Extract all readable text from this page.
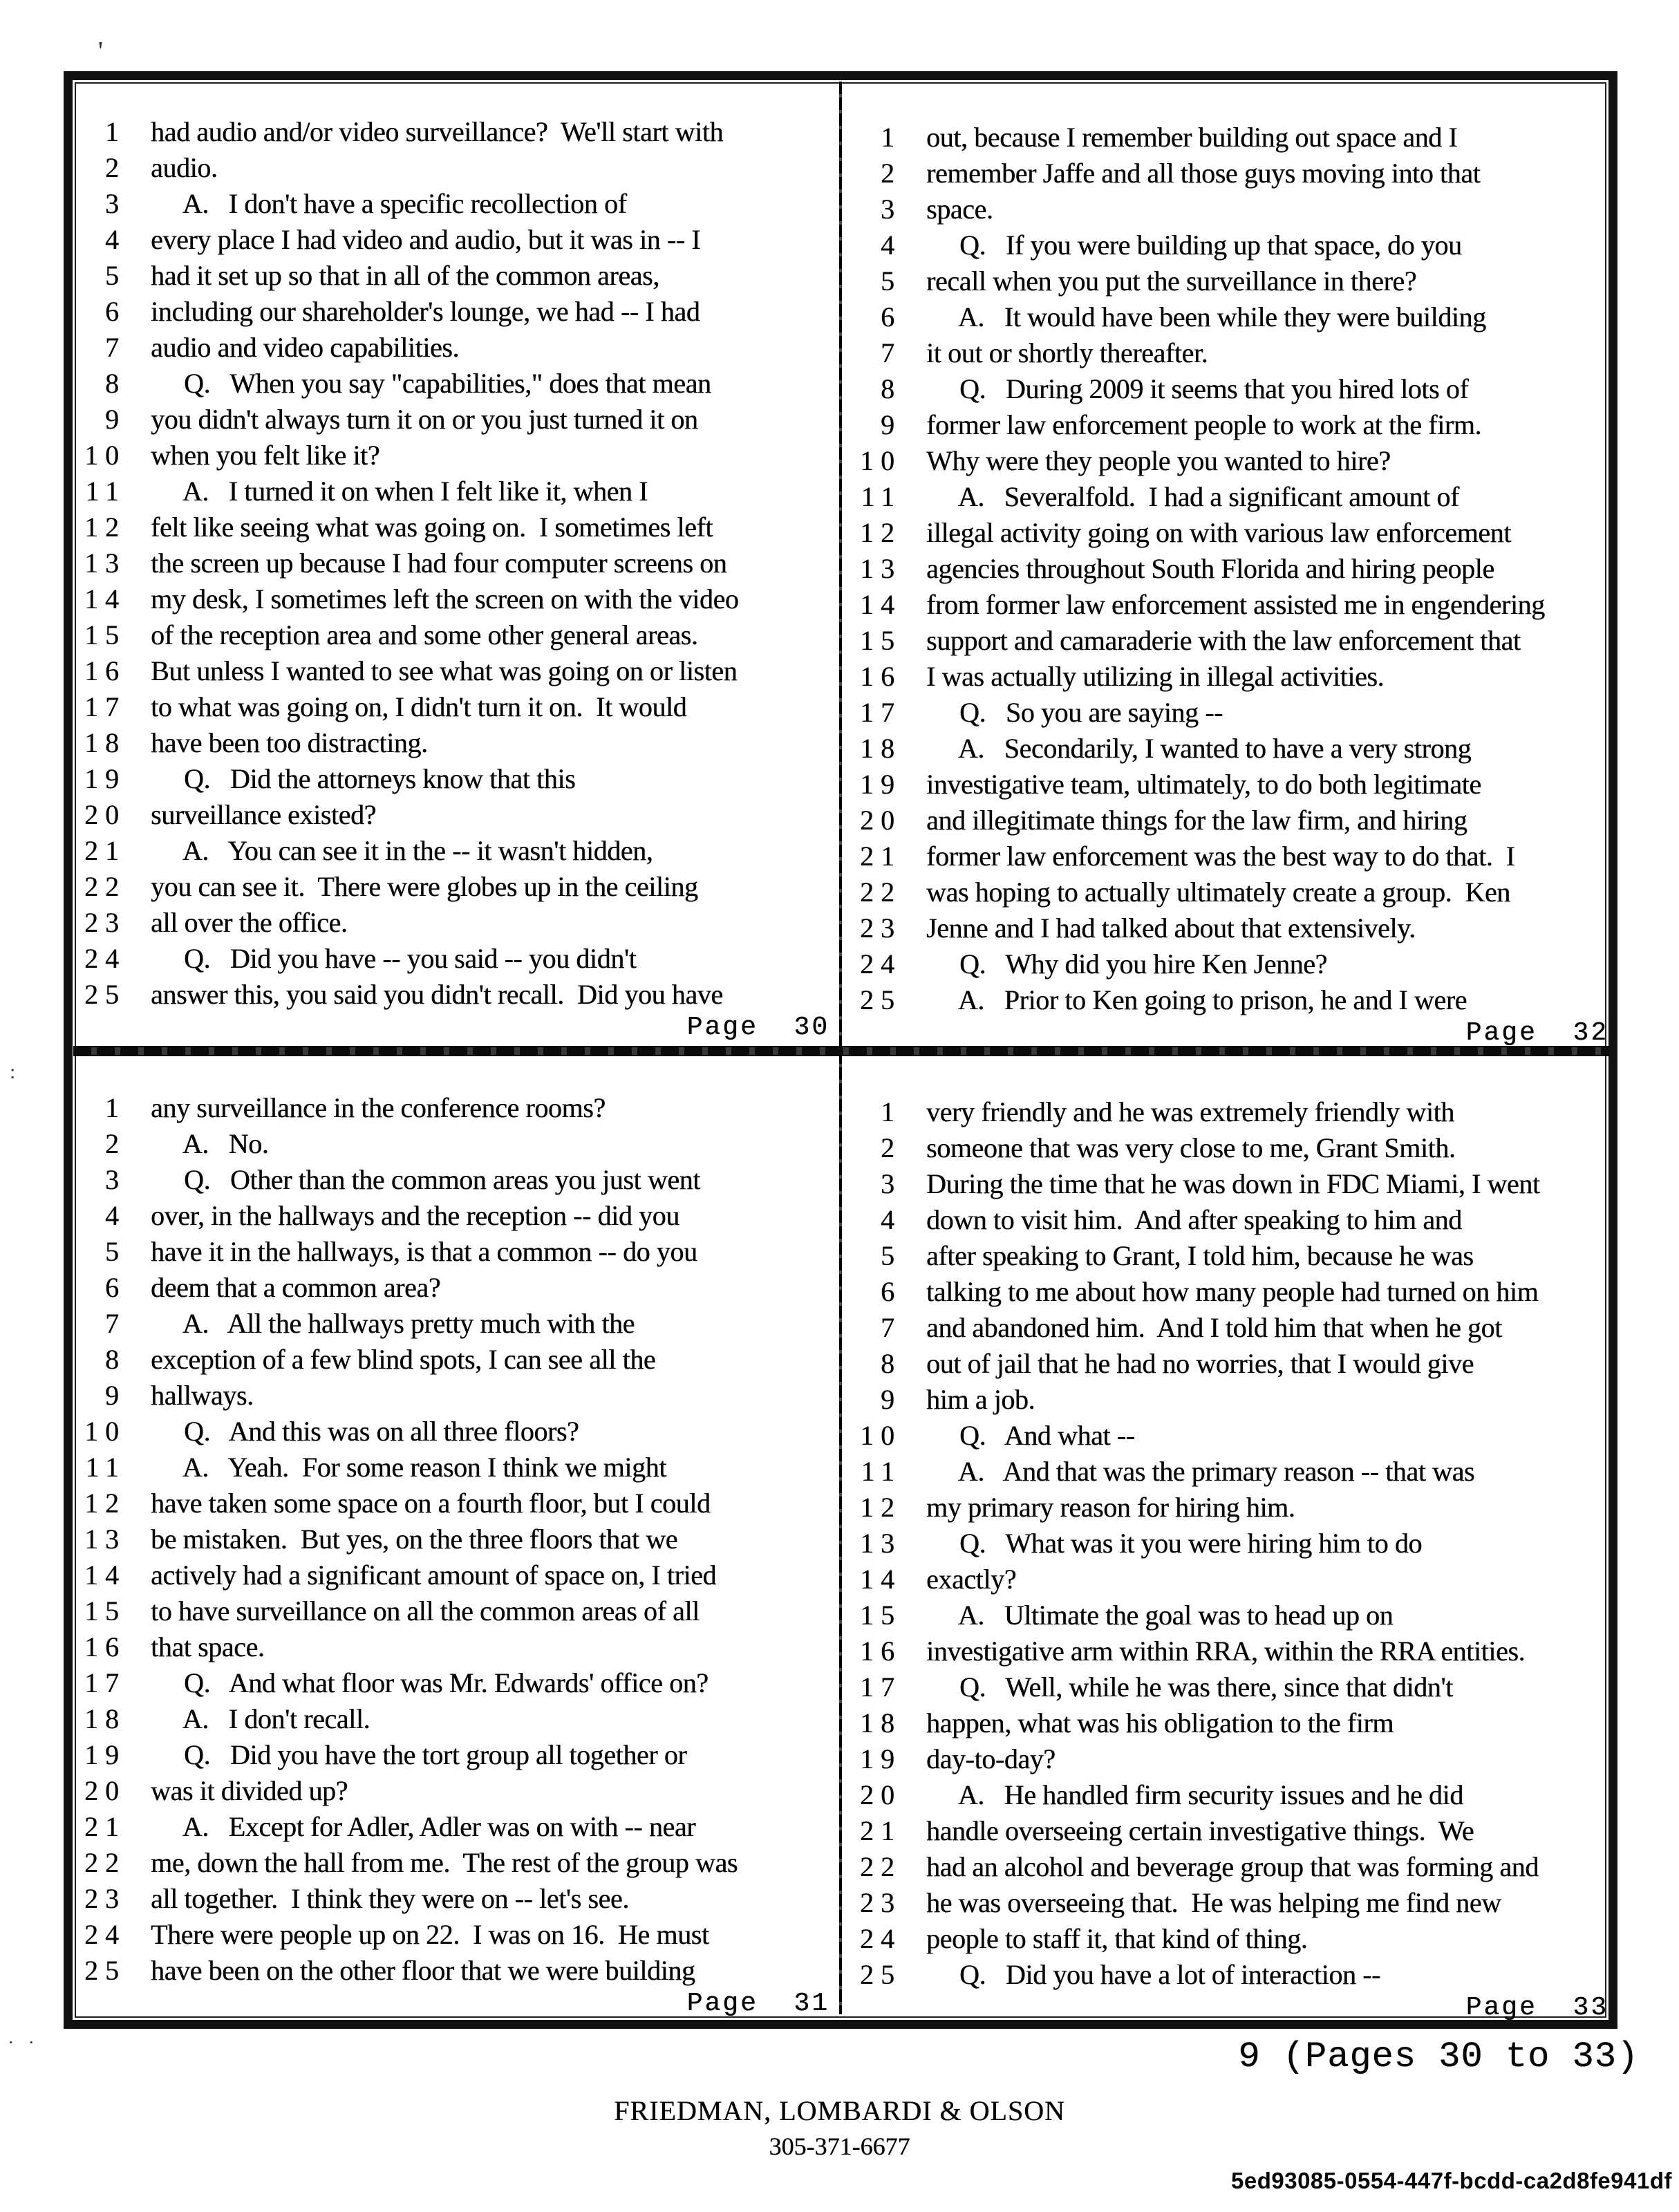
'
:
..
1 had audio and/or video surveillance?  We'll start with
2 audio.
3 A.   I don't have a specific recollection of
4 every place I had video and audio, but it was in -- I
5 had it set up so that in all of the common areas,
6 including our shareholder's lounge, we had -- I had
7 audio and video capabilities.
8 Q.   When you say "capabilities," does that mean
9 you didn't always turn it on or you just turned it on
10 when you felt like it?
11 A.   I turned it on when I felt like it, when I
12 felt like seeing what was going on.  I sometimes left
13 the screen up because I had four computer screens on
14 my desk, I sometimes left the screen on with the video
15 of the reception area and some other general areas.
16 But unless I wanted to see what was going on or listen
17 to what was going on, I didn't turn it on.  It would
18 have been too distracting.
19 Q.   Did the attorneys know that this
20 surveillance existed?
21 A.   You can see it in the -- it wasn't hidden,
22 you can see it.  There were globes up in the ceiling
23 all over the office.
24 Q.   Did you have -- you said -- you didn't
25 answer this, you said you didn't recall.  Did you have
Page  30
1 out, because I remember building out space and I
2 remember Jaffe and all those guys moving into that
3 space.
4 Q.   If you were building up that space, do you
5 recall when you put the surveillance in there?
6 A.   It would have been while they were building
7 it out or shortly thereafter.
8 Q.   During 2009 it seems that you hired lots of
9 former law enforcement people to work at the firm.
10 Why were they people you wanted to hire?
11 A.   Severalfold.  I had a significant amount of
12 illegal activity going on with various law enforcement
13 agencies throughout South Florida and hiring people
14 from former law enforcement assisted me in engendering
15 support and camaraderie with the law enforcement that
16 I was actually utilizing in illegal activities.
17 Q.   So you are saying --
18 A.   Secondarily, I wanted to have a very strong
19 investigative team, ultimately, to do both legitimate
20 and illegitimate things for the law firm, and hiring
21 former law enforcement was the best way to do that.  I
22 was hoping to actually ultimately create a group.  Ken
23 Jenne and I had talked about that extensively.
24 Q.   Why did you hire Ken Jenne?
25 A.   Prior to Ken going to prison, he and I were
Page  32
1 any surveillance in the conference rooms?
2 A.   No.
3 Q.   Other than the common areas you just went
4 over, in the hallways and the reception -- did you
5 have it in the hallways, is that a common -- do you
6 deem that a common area?
7 A.   All the hallways pretty much with the
8 exception of a few blind spots, I can see all the
9 hallways.
10 Q.   And this was on all three floors?
11 A.   Yeah.  For some reason I think we might
12 have taken some space on a fourth floor, but I could
13 be mistaken.  But yes, on the three floors that we
14 actively had a significant amount of space on, I tried
15 to have surveillance on all the common areas of all
16 that space.
17 Q.   And what floor was Mr. Edwards' office on?
18 A.   I don't recall.
19 Q.   Did you have the tort group all together or
20 was it divided up?
21 A.   Except for Adler, Adler was on with -- near
22 me, down the hall from me.  The rest of the group was
23 all together.  I think they were on -- let's see.
24 There were people up on 22.  I was on 16.  He must
25 have been on the other floor that we were building
Page  31
1 very friendly and he was extremely friendly with
2 someone that was very close to me, Grant Smith.
3 During the time that he was down in FDC Miami, I went
4 down to visit him.  And after speaking to him and
5 after speaking to Grant, I told him, because he was
6 talking to me about how many people had turned on him
7 and abandoned him.  And I told him that when he got
8 out of jail that he had no worries, that I would give
9 him a job.
10 Q.   And what --
11 A.   And that was the primary reason -- that was
12 my primary reason for hiring him.
13 Q.   What was it you were hiring him to do
14 exactly?
15 A.   Ultimate the goal was to head up on
16 investigative arm within RRA, within the RRA entities.
17 Q.   Well, while he was there, since that didn't
18 happen, what was his obligation to the firm
19 day-to-day?
20 A.   He handled firm security issues and he did
21 handle overseeing certain investigative things.  We
22 had an alcohol and beverage group that was forming and
23 he was overseeing that.  He was helping me find new
24 people to staff it, that kind of thing.
25 Q.   Did you have a lot of interaction --
Page  33
9 (Pages 30 to 33)
FRIEDMAN, LOMBARDI & OLSON
305-371-6677
5ed93085-0554-447f-bcdd-ca2d8fe941df
